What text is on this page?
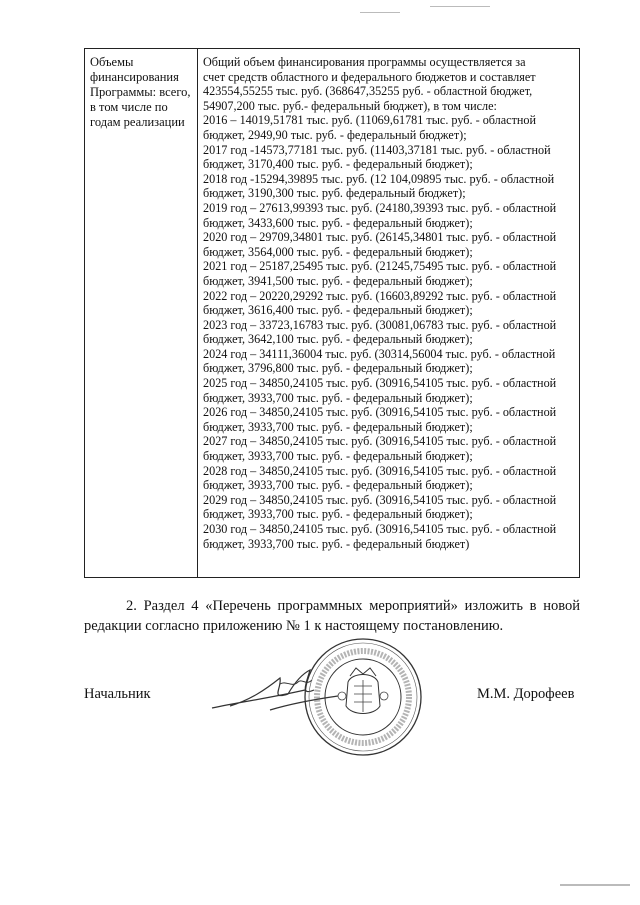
Объемы
финансирования
Программы: всего,
в том числе по
годам реализации
Общий объем финансирования программы осуществляется за
счет средств областного и федерального бюджетов и составляет
423554,55255 тыс. руб. (368647,35255 руб. - областной бюджет,
54907,200 тыс. руб.- федеральный бюджет), в том числе:
2016 – 14019,51781 тыс. руб. (11069,61781 тыс. руб. - областной
бюджет, 2949,90 тыс. руб. - федеральный бюджет);
2017 год -14573,77181 тыс. руб. (11403,37181 тыс. руб. - областной
бюджет, 3170,400 тыс. руб. - федеральный бюджет);
2018 год -15294,39895 тыс. руб. (12 104,09895 тыс. руб. - областной
бюджет, 3190,300 тыс. руб. федеральный бюджет);
2019 год – 27613,99393 тыс. руб. (24180,39393 тыс. руб. - областной
бюджет, 3433,600 тыс. руб. - федеральный бюджет);
2020 год – 29709,34801 тыс. руб. (26145,34801 тыс. руб. - областной
бюджет, 3564,000 тыс. руб. - федеральный бюджет);
2021 год – 25187,25495 тыс. руб. (21245,75495 тыс. руб. - областной
бюджет, 3941,500 тыс. руб. - федеральный бюджет);
2022 год – 20220,29292 тыс. руб. (16603,89292 тыс. руб. - областной
бюджет, 3616,400 тыс. руб. - федеральный бюджет);
2023 год – 33723,16783 тыс. руб. (30081,06783 тыс. руб. - областной
бюджет, 3642,100 тыс. руб. - федеральный бюджет);
2024 год – 34111,36004 тыс. руб. (30314,56004 тыс. руб. - областной
бюджет, 3796,800 тыс. руб. - федеральный бюджет);
2025 год – 34850,24105 тыс. руб. (30916,54105 тыс. руб. - областной
бюджет, 3933,700 тыс. руб. - федеральный бюджет);
2026 год – 34850,24105 тыс. руб. (30916,54105 тыс. руб. - областной
бюджет, 3933,700 тыс. руб. - федеральный бюджет);
2027 год – 34850,24105 тыс. руб. (30916,54105 тыс. руб. - областной
бюджет, 3933,700 тыс. руб. - федеральный бюджет);
2028 год – 34850,24105 тыс. руб. (30916,54105 тыс. руб. - областной
бюджет, 3933,700 тыс. руб. - федеральный бюджет);
2029 год – 34850,24105 тыс. руб. (30916,54105 тыс. руб. - областной
бюджет, 3933,700 тыс. руб. - федеральный бюджет);
2030 год – 34850,24105 тыс. руб. (30916,54105 тыс. руб. - областной
бюджет, 3933,700 тыс. руб. - федеральный бюджет)
2. Раздел 4 «Перечень программных мероприятий» изложить в новой редакции согласно приложению № 1 к настоящему постановлению.
Начальник	М.М. Дорофеев
